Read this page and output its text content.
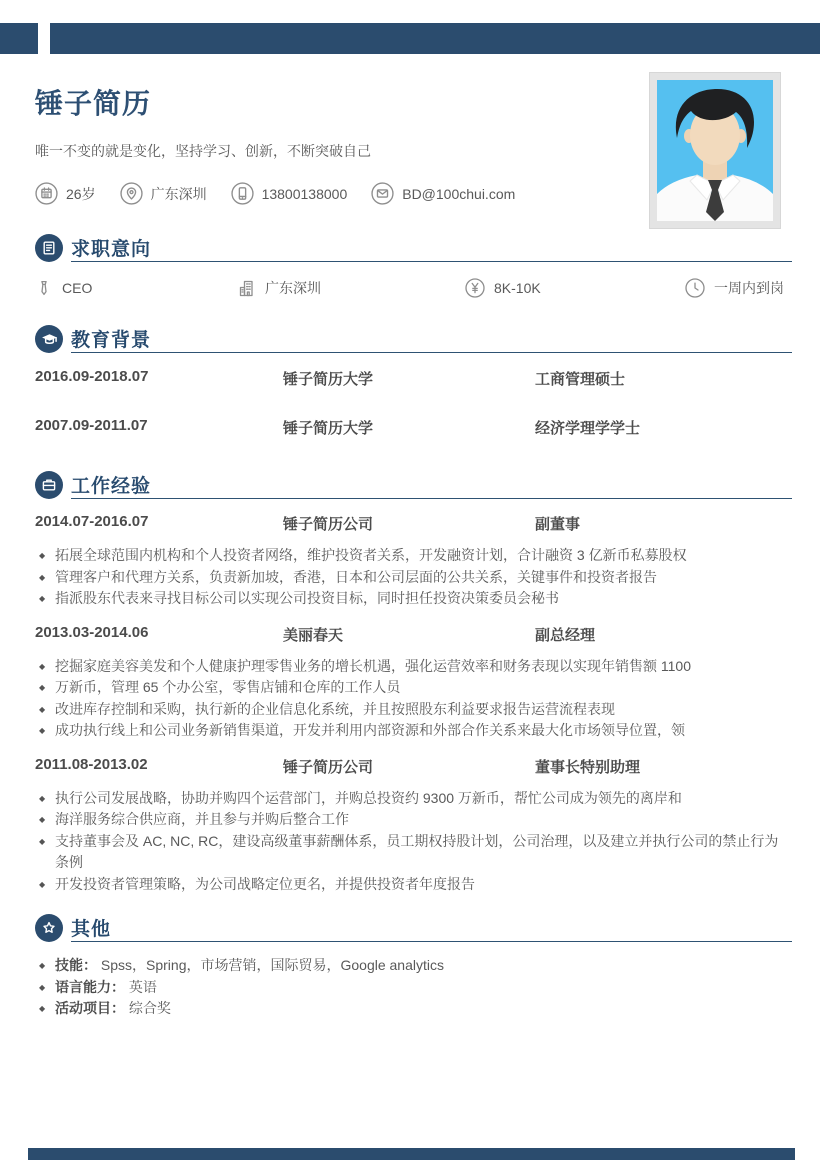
锤子简历
唯一不变的就是变化，坚持学习、创新，不断突破自己
26岁	广东深圳	13800138000	BD@100chui.com
求职意向
CEO	广东深圳	8K-10K	一周内到岗
教育背景
2016.09-2018.07	锤子简历大学	工商管理硕士
2007.09-2011.07	锤子简历大学	经济学理学学士
工作经验
2014.07-2016.07	锤子简历公司	副董事
◆ 拓展全球范围内机构和个人投资者网络，维护投资者关系，开发融资计划，合计融资 3 亿新币私募股权
◆ 管理客户和代理方关系，负责新加坡，香港，日本和公司层面的公共关系，关键事件和投资者报告
◆ 指派股东代表来寻找目标公司以实现公司投资目标，同时担任投资决策委员会秘书
2013.03-2014.06	美丽春天	副总经理
◆ 挖掘家庭美容美发和个人健康护理零售业务的增长机遇，强化运营效率和财务表现以实现年销售额 1100
◆ 万新币，管理 65 个办公室，零售店铺和仓库的工作人员
◆ 改进库存控制和采购，执行新的企业信息化系统，并且按照股东利益要求报告运营流程表现
◆ 成功执行线上和公司业务新销售渠道，开发并利用内部资源和外部合作关系来最大化市场领导位置，领
2011.08-2013.02	锤子简历公司	董事长特别助理
◆ 执行公司发展战略，协助并购四个运营部门，并购总投资约 9300 万新币，帮忙公司成为领先的离岸和
◆ 海洋服务综合供应商，并且参与并购后整合工作
◆ 支持董事会及 AC, NC, RC，建设高级董事薪酬体系，员工期权持股计划，公司治理，以及建立并执行公司的禁止行为条例
◆ 开发投资者管理策略，为公司战略定位更名，并提供投资者年度报告
其他
◆ 技能： Spss，Spring，市场营销，国际贸易，Google analytics
◆ 语言能力： 英语
◆ 活动项目： 综合奖
